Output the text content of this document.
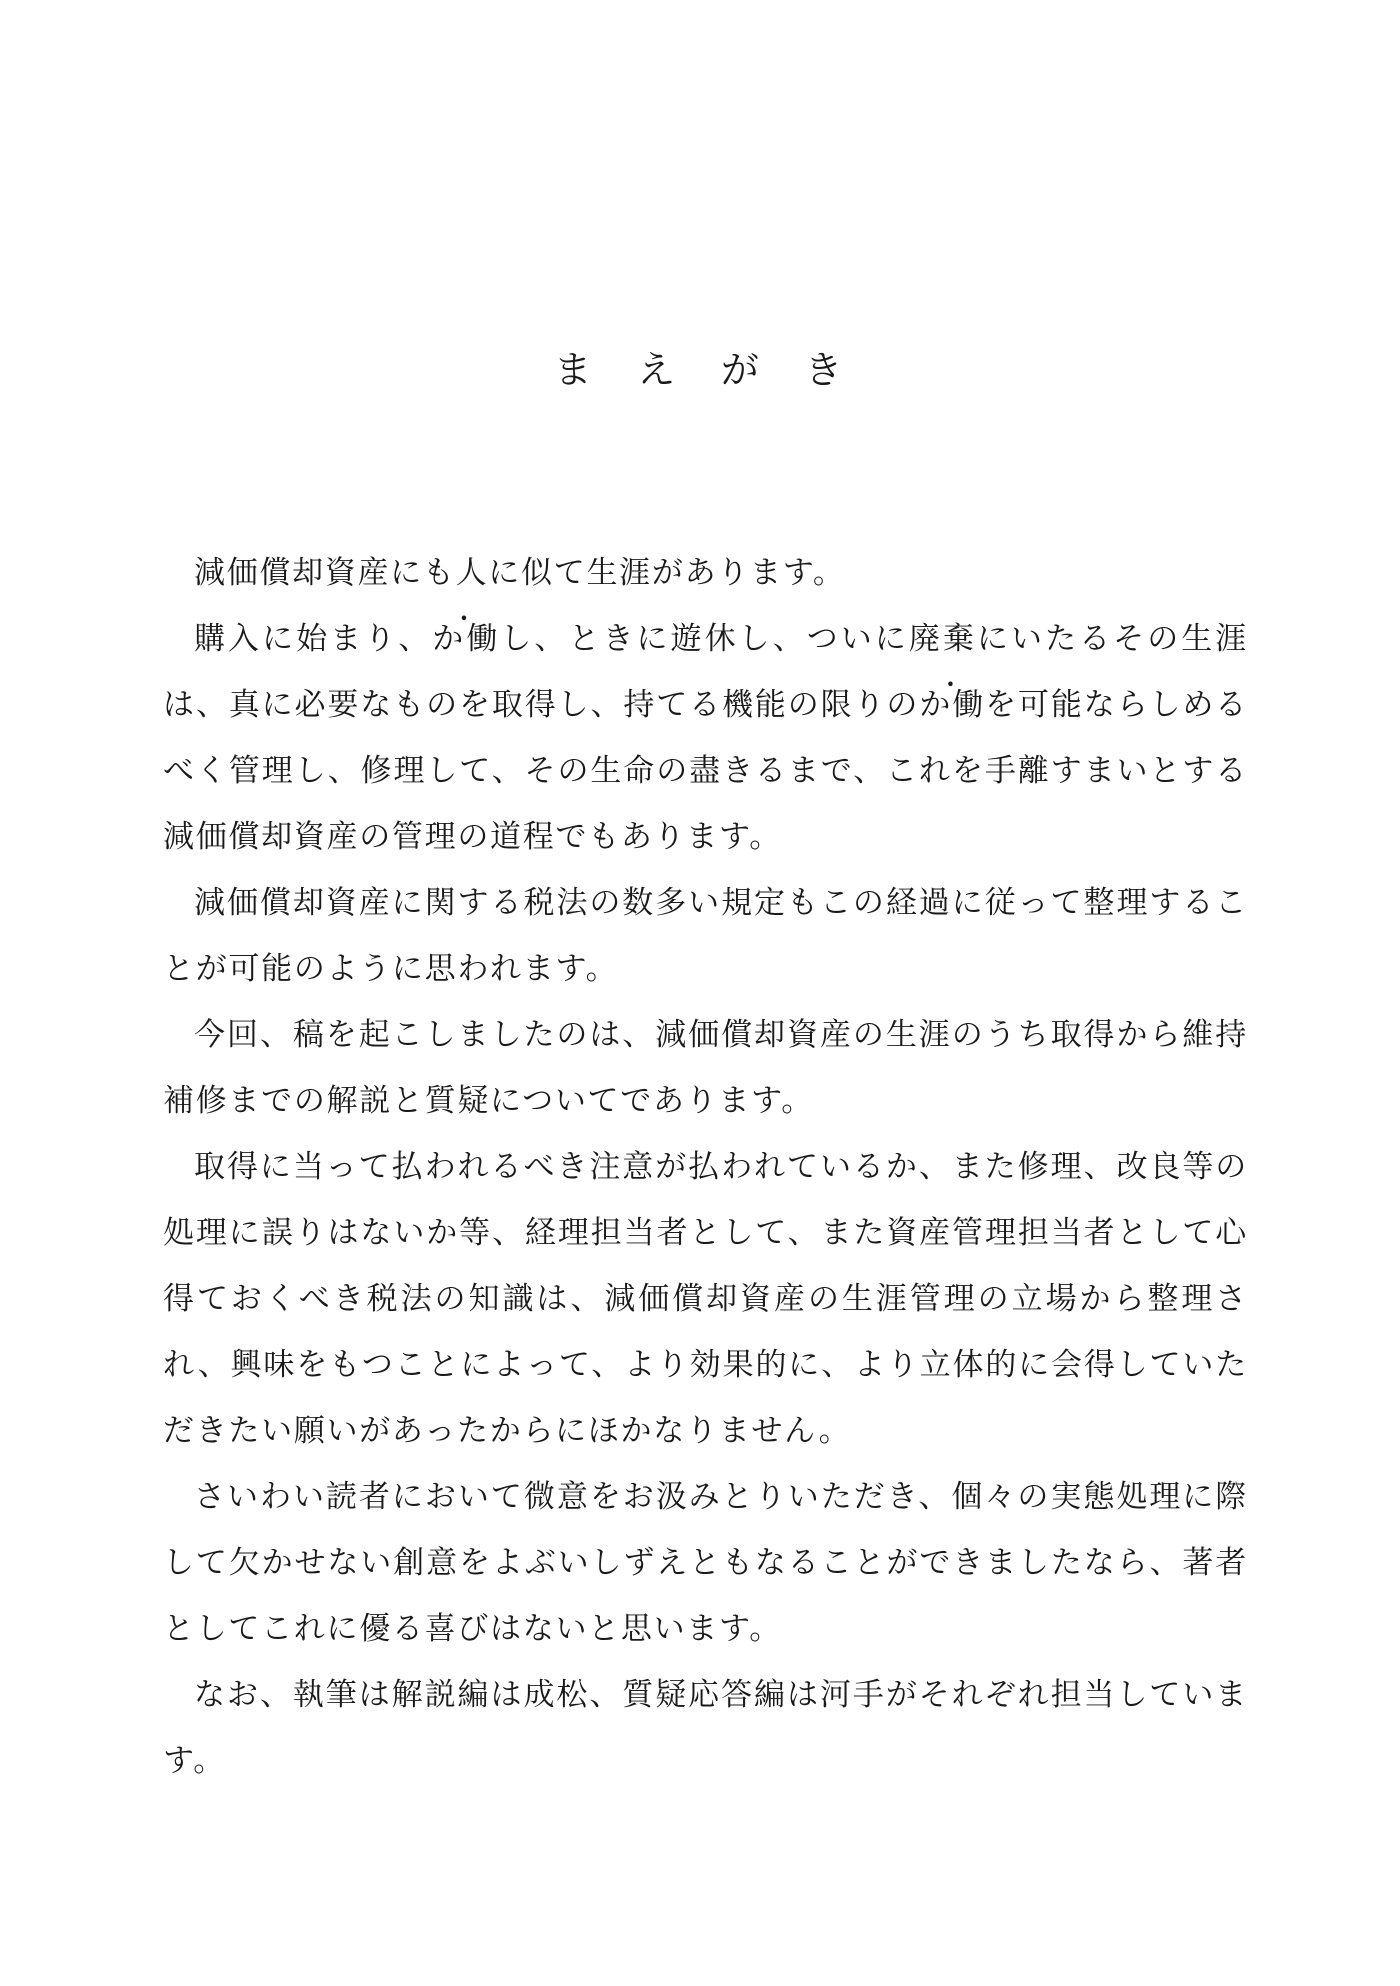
ま　え　が　き

減価償却資産にも人に似て生涯があります。

購入に始まり、か働し、ときに遊休し、ついに廃棄にいたるその生涯は、真に必要なものを取得し、持てる機能の限りのか働を可能ならしめるべく管理し、修理して、その生命の盡きるまで、これを手離すまいとする減価償却資産の管理の道程でもあります。

減価償却資産に関する税法の数多い規定もこの経過に従って整理することが可能のように思われます。

今回、稿を起こしましたのは、減価償却資産の生涯のうち取得から維持補修までの解説と質疑についてであります。

取得に当って払われるべき注意が払われているか、また修理、改良等の処理に誤りはないか等、経理担当者として、また資産管理担当者として心得ておくべき税法の知識は、減価償却資産の生涯管理の立場から整理され、興味をもつことによって、より効果的に、より立体的に会得していただきたい願いがあったからにほかなりません。

さいわい読者において微意をお汲みとりいただき、個々の実態処理に際して欠かせない創意をよぶいしずえともなることができましたなら、著者としてこれに優る喜びはないと思います。

なお、執筆は解説編は成松、質疑応答編は河手がそれぞれ担当しています。
